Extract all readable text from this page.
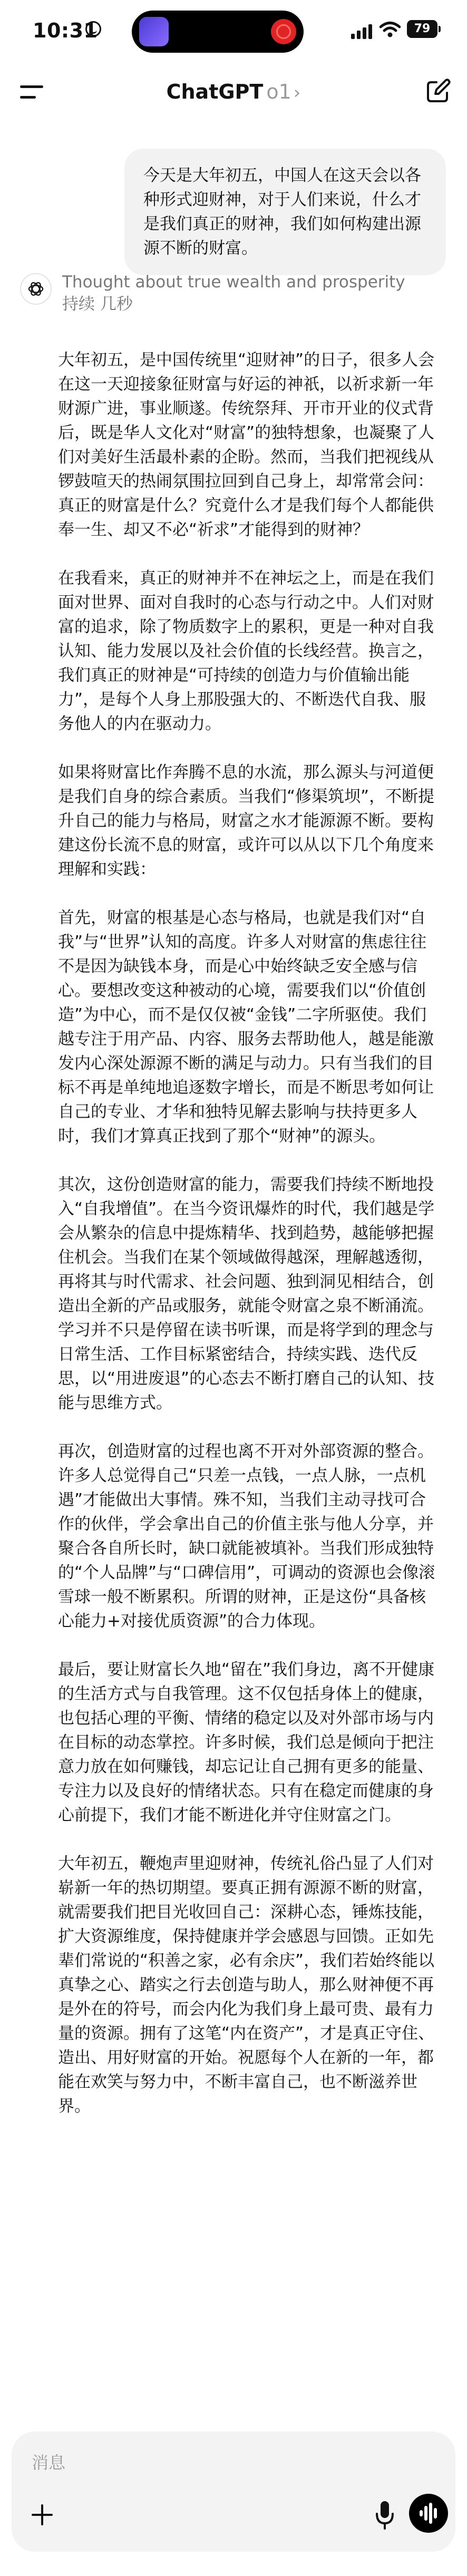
10:31	79
ChatGPT o1 ›
今天是大年初五，中国人在这天会以各种形式迎财神，对于人们来说，什么才是我们真正的财神，我们如何构建出源源不断的财富。
Thought about true wealth and prosperity
持续 几秒

大年初五，是中国传统里“迎财神”的日子，很多人会在这一天迎接象征财富与好运的神祇，以祈求新一年财源广进，事业顺遂。传统祭拜、开市开业的仪式背后，既是华人文化对“财富”的独特想象，也凝聚了人们对美好生活最朴素的企盼。然而，当我们把视线从锣鼓喧天的热闹氛围拉回到自己身上，却常常会问：真正的财富是什么？究竟什么才是我们每个人都能供奉一生、却又不必“祈求”才能得到的财神？

在我看来，真正的财神并不在神坛之上，而是在我们面对世界、面对自我时的心态与行动之中。人们对财富的追求，除了物质数字上的累积，更是一种对自我认知、能力发展以及社会价值的长线经营。换言之，我们真正的财神是“可持续的创造力与价值输出能力”，是每个人身上那股强大的、不断迭代自我、服务他人的内在驱动力。

如果将财富比作奔腾不息的水流，那么源头与河道便是我们自身的综合素质。当我们“修渠筑坝”，不断提升自己的能力与格局，财富之水才能源源不断。要构建这份长流不息的财富，或许可以从以下几个角度来理解和实践：

首先，财富的根基是心态与格局，也就是我们对“自我”与“世界”认知的高度。许多人对财富的焦虑往往不是因为缺钱本身，而是心中始终缺乏安全感与信心。要想改变这种被动的心境，需要我们以“价值创造”为中心，而不是仅仅被“金钱”二字所驱使。我们越专注于用产品、内容、服务去帮助他人，越是能激发内心深处源源不断的满足与动力。只有当我们的目标不再是单纯地追逐数字增长，而是不断思考如何让自己的专业、才华和独特见解去影响与扶持更多人时，我们才算真正找到了那个“财神”的源头。

其次，这份创造财富的能力，需要我们持续不断地投入“自我增值”。在当今资讯爆炸的时代，我们越是学会从繁杂的信息中提炼精华、找到趋势，越能够把握住机会。当我们在某个领域做得越深，理解越透彻，再将其与时代需求、社会问题、独到洞见相结合，创造出全新的产品或服务，就能令财富之泉不断涌流。学习并不只是停留在读书听课，而是将学到的理念与日常生活、工作目标紧密结合，持续实践、迭代反思，以“用进废退”的心态去不断打磨自己的认知、技能与思维方式。

再次，创造财富的过程也离不开对外部资源的整合。许多人总觉得自己“只差一点钱，一点人脉，一点机遇”才能做出大事情。殊不知，当我们主动寻找可合作的伙伴，学会拿出自己的价值主张与他人分享，并聚合各自所长时，缺口就能被填补。当我们形成独特的“个人品牌”与“口碑信用”，可调动的资源也会像滚雪球一般不断累积。所谓的财神，正是这份“具备核心能力+对接优质资源”的合力体现。

最后，要让财富长久地“留在”我们身边，离不开健康的生活方式与自我管理。这不仅包括身体上的健康，也包括心理的平衡、情绪的稳定以及对外部市场与内在目标的动态掌控。许多时候，我们总是倾向于把注意力放在如何赚钱，却忘记让自己拥有更多的能量、专注力以及良好的情绪状态。只有在稳定而健康的身心前提下，我们才能不断进化并守住财富之门。

大年初五，鞭炮声里迎财神，传统礼俗凸显了人们对崭新一年的热切期望。要真正拥有源源不断的财富，就需要我们把目光收回自己：深耕心态，锤炼技能，扩大资源维度，保持健康并学会感恩与回馈。正如先辈们常说的“积善之家，必有余庆”，我们若始终能以真挚之心、踏实之行去创造与助人，那么财神便不再是外在的符号，而会内化为我们身上最可贵、最有力量的资源。拥有了这笔“内在资产”，才是真正守住、造出、用好财富的开始。祝愿每个人在新的一年，都能在欢笑与努力中，不断丰富自己，也不断滋养世界。

消息
